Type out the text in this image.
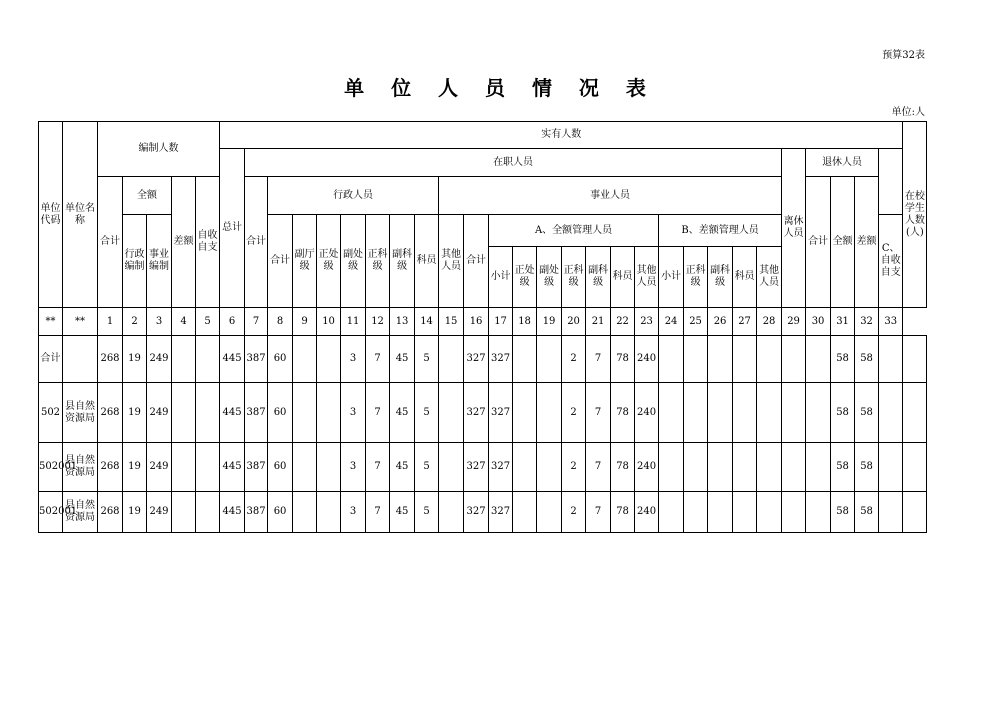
预算32表
单 位 人 员 情 况 表
单位:人
单位代码	单位名称	编制人数					实有人数																												在校学生人数(人)
							总计	在职人员																						离休人员	退休人员				
		合计	全额		差额	自收自支		合计	行政人员							事业人员															合计	全额	差额		
			行政编制	事业编制					合计	副厅级	正处级	副处级	正科级	副科级	科员	其他人员	合计	A、全额管理人员							B、差额管理人员									C、自收自支	
																		小计	正处级	副处级	正科级	副科级	科员	其他人员	小计	正科级	副科级	科员	其他人员						
**	**	1	2	3	4	5	6	7	8	9	10	11	12	13	14	15	16	17	18	19	20	21	22	23	24	25	26	27	28	29	30	31	32	33	
合计		268	19	249			445	387	60			3	7	45	5		327	327			2	7	78	240								58	58		
502	县自然资源局	268	19	249			445	387	60			3	7	45	5		327	327			2	7	78	240								58	58		
502001	县自然资源局	268	19	249			445	387	60			3	7	45	5		327	327			2	7	78	240								58	58		
502001	县自然资源局	268	19	249			445	387	60			3	7	45	5		327	327			2	7	78	240								58	58		
